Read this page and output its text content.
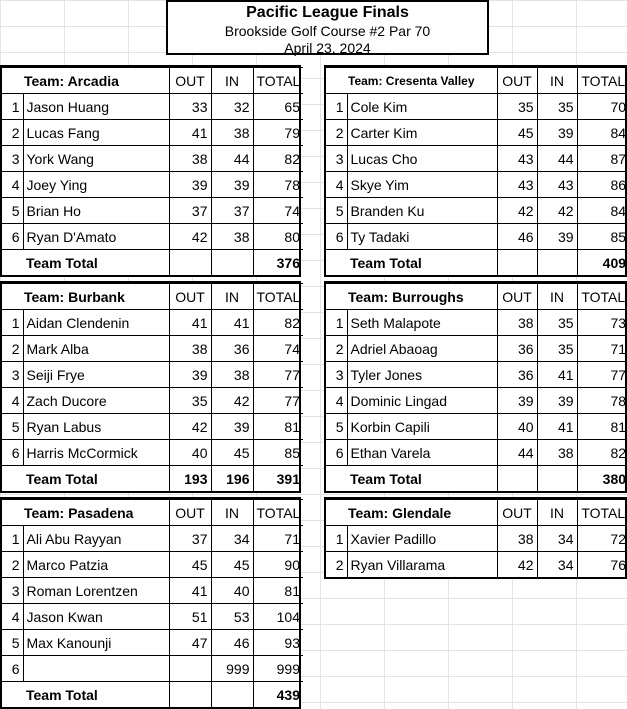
Pacific League Finals
Brookside Golf Course #2 Par 70
April 23, 2024
Team: Arcadia		OUT	IN	TOTAL
1	Jason Huang	33	32	65
2	Lucas Fang	41	38	79
3	York Wang	38	44	82
4	Joey Ying	39	39	78
5	Brian Ho	37	37	74
6	Ryan D'Amato	42	38	80
Team Total				376
Team: Cresenta Valley		OUT	IN	TOTAL
1	Cole Kim	35	35	70
2	Carter Kim	45	39	84
3	Lucas Cho	43	44	87
4	Skye Yim	43	43	86
5	Branden Ku	42	42	84
6	Ty Tadaki	46	39	85
Team Total				409
Team: Burbank		OUT	IN	TOTAL
1	Aidan Clendenin	41	41	82
2	Mark Alba	38	36	74
3	Seiji Frye	39	38	77
4	Zach Ducore	35	42	77
5	Ryan Labus	42	39	81
6	Harris McCormick	40	45	85
Team Total		193	196	391
Team: Burroughs		OUT	IN	TOTAL
1	Seth Malapote	38	35	73
2	Adriel Abaoag	36	35	71
3	Tyler Jones	36	41	77
4	Dominic Lingad	39	39	78
5	Korbin Capili	40	41	81
6	Ethan Varela	44	38	82
Team Total				380
Team: Pasadena		OUT	IN	TOTAL
1	Ali Abu Rayyan	37	34	71
2	Marco Patzia	45	45	90
3	Roman Lorentzen	41	40	81
4	Jason Kwan	51	53	104
5	Max Kanounji	47	46	93
6			999	999
Team Total				439
Team: Glendale		OUT	IN	TOTAL
1	Xavier Padillo	38	34	72
2	Ryan Villarama	42	34	76
